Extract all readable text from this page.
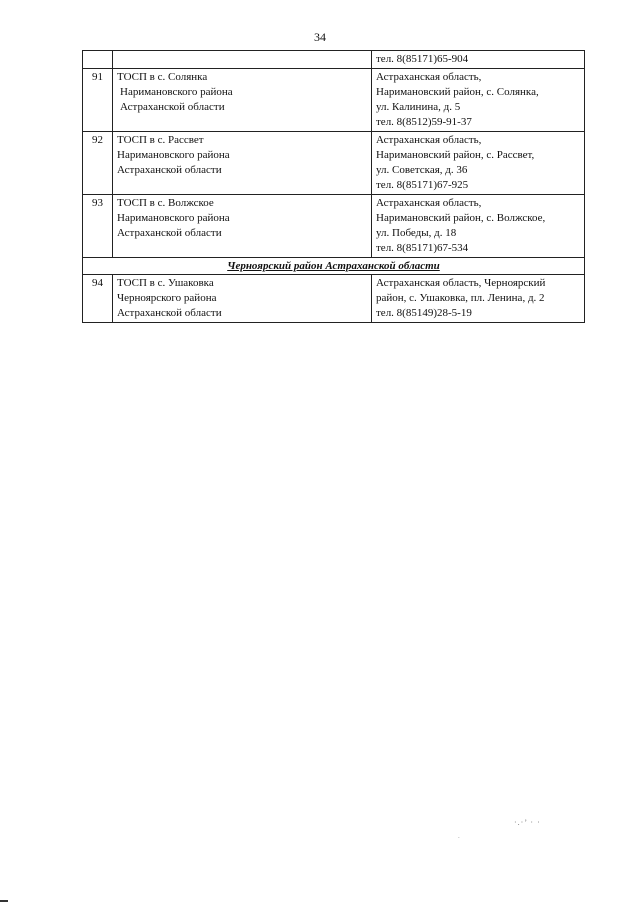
34

		тел. 8(85171)65-904

91	ТОСП в с. Солянка
Наримановского района
Астраханской области	Астраханская область,
Наримановский район, с. Солянка,
ул. Калинина, д. 5
тел. 8(8512)59-91-37

92	ТОСП в с. Рассвет
Наримановского района
Астраханской области	Астраханская область,
Наримановский район, с. Рассвет,
ул. Советская, д. 36
тел. 8(85171)67-925

93	ТОСП в с. Волжское
Наримановского района
Астраханской области	Астраханская область,
Наримановский район, с. Волжское,
ул. Победы, д. 18
тел. 8(85171)67-534

Черноярский район Астраханской области		
94	ТОСП в с. Ушаковка
Черноярского района
Астраханской области	Астраханская область, Черноярский
район, с. Ушаковка, пл. Ленина, д. 2
тел. 8(85149)28-5-19
·.·’ · ·
.
